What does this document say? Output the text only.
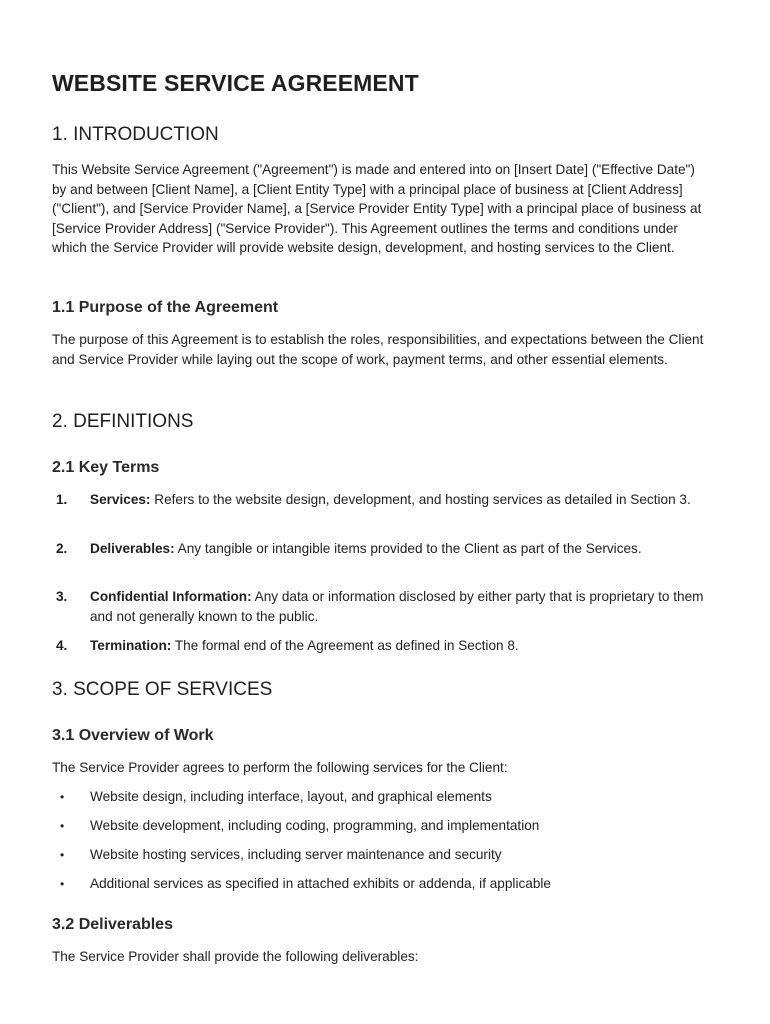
WEBSITE SERVICE AGREEMENT
1. INTRODUCTION

This Website Service Agreement ("Agreement") is made and entered into on [Insert Date] ("Effective Date") by and between [Client Name], a [Client Entity Type] with a principal place of business at [Client Address] ("Client"), and [Service Provider Name], a [Service Provider Entity Type] with a principal place of business at [Service Provider Address] ("Service Provider"). This Agreement outlines the terms and conditions under which the Service Provider will provide website design, development, and hosting services to the Client.

1.1 Purpose of the Agreement

The purpose of this Agreement is to establish the roles, responsibilities, and expectations between the Client and Service Provider while laying out the scope of work, payment terms, and other essential elements.

2. DEFINITIONS
2.1 Key Terms
1. Services: Refers to the website design, development, and hosting services as detailed in Section 3.
2. Deliverables: Any tangible or intangible items provided to the Client as part of the Services.
3. Confidential Information: Any data or information disclosed by either party that is proprietary to them and not generally known to the public.
4. Termination: The formal end of the Agreement as defined in Section 8.
3. SCOPE OF SERVICES
3.1 Overview of Work

The Service Provider agrees to perform the following services for the Client:

• Website design, including interface, layout, and graphical elements
• Website development, including coding, programming, and implementation
• Website hosting services, including server maintenance and security
• Additional services as specified in attached exhibits or addenda, if applicable
3.2 Deliverables

The Service Provider shall provide the following deliverables:
